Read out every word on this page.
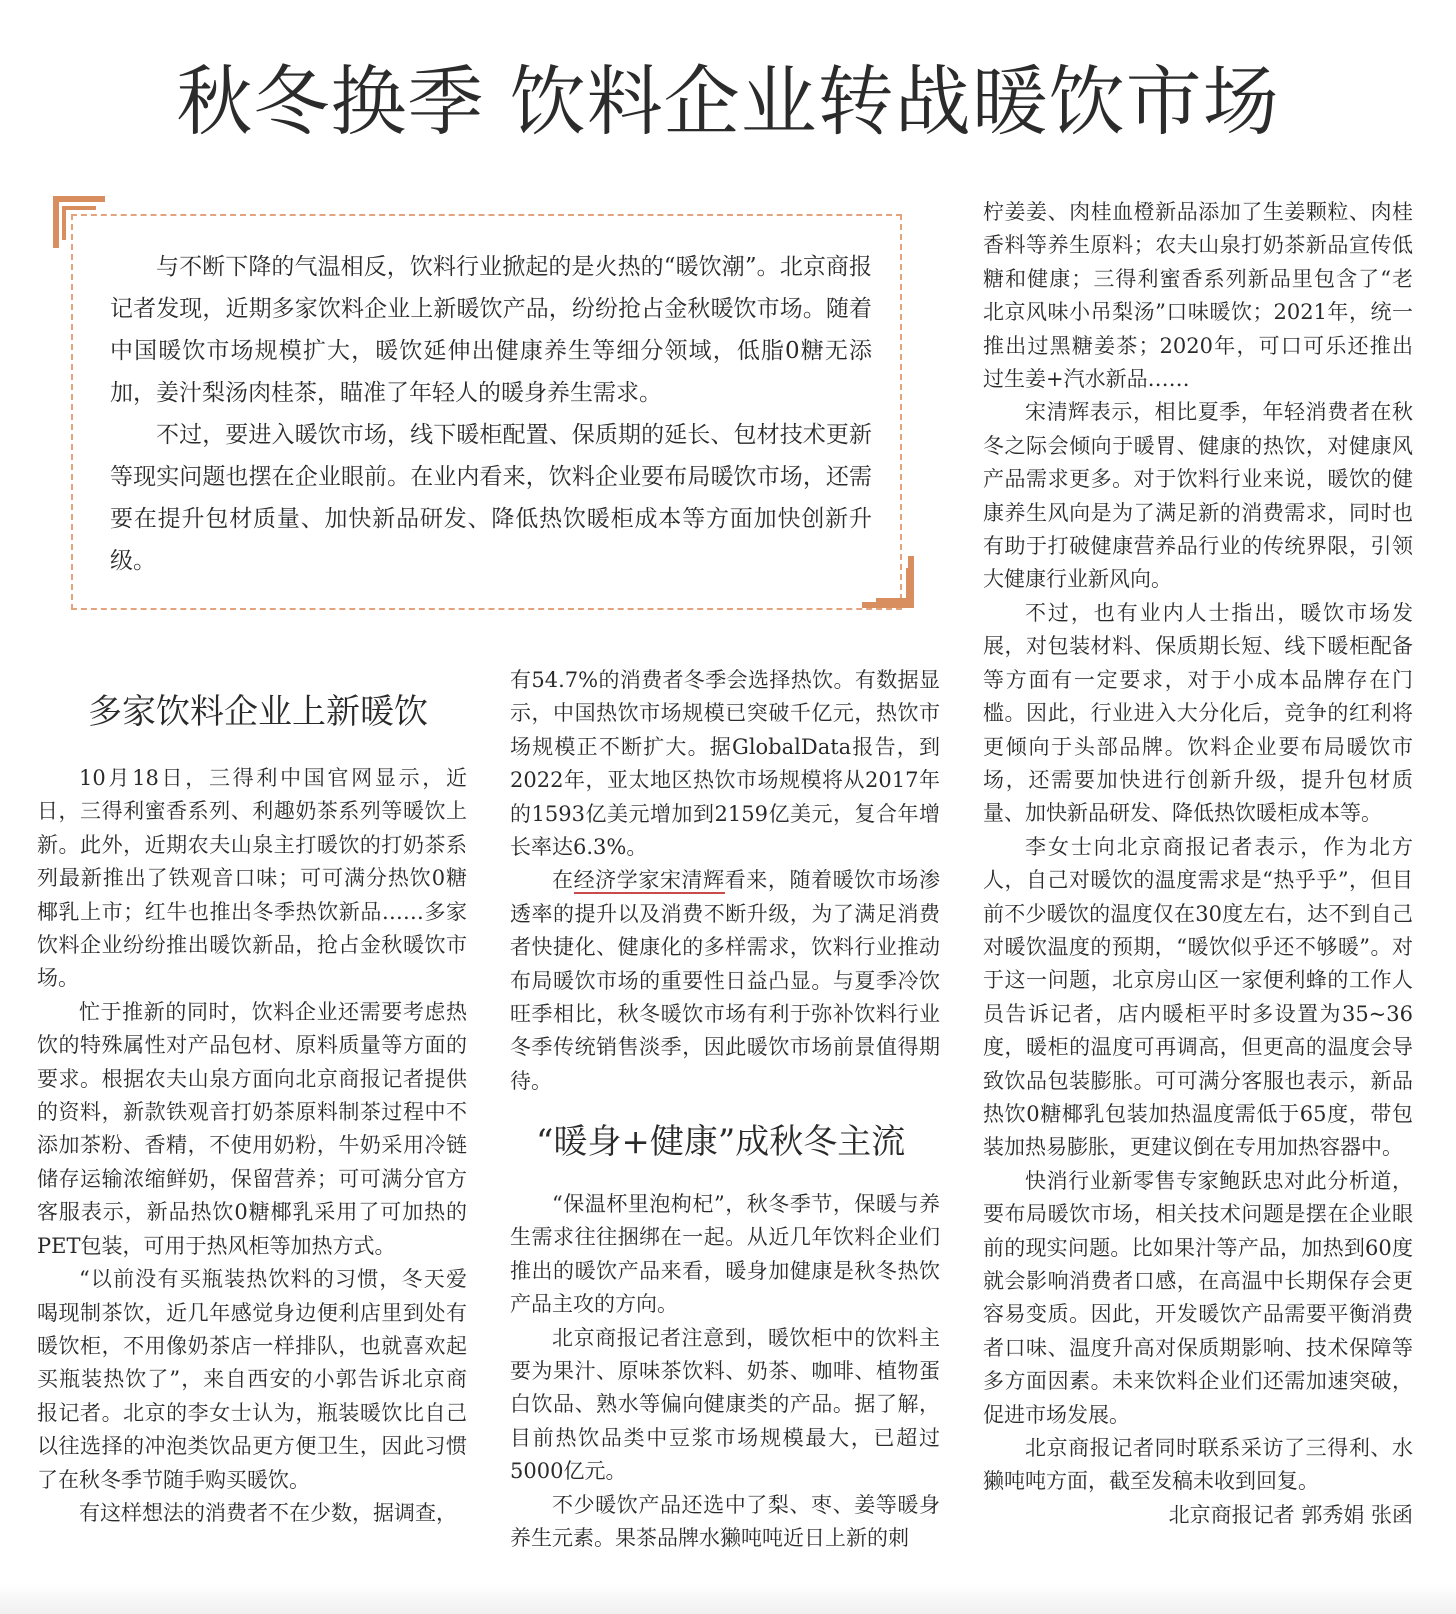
秋冬换季 饮料企业转战暖饮市场

与不断下降的气温相反，饮料行业掀起的是火热的“暖饮潮”。北京商报记者发现，近期多家饮料企业上新暖饮产品，纷纷抢占金秋暖饮市场。随着中国暖饮市场规模扩大，暖饮延伸出健康养生等细分领域，低脂0糖无添加，姜汁梨汤肉桂茶，瞄准了年轻人的暖身养生需求。

不过，要进入暖饮市场，线下暖柜配置、保质期的延长、包材技术更新等现实问题也摆在企业眼前。在业内看来，饮料企业要布局暖饮市场，还需要在提升包材质量、加快新品研发、降低热饮暖柜成本等方面加快创新升级。

多家饮料企业上新暖饮

10月18日，三得利中国官网显示，近日，三得利蜜香系列、利趣奶茶系列等暖饮上新。此外，近期农夫山泉主打暖饮的打奶茶系列最新推出了铁观音口味；可可满分热饮0糖椰乳上市；红牛也推出冬季热饮新品……多家饮料企业纷纷推出暖饮新品，抢占金秋暖饮市场。

忙于推新的同时，饮料企业还需要考虑热饮的特殊属性对产品包材、原料质量等方面的要求。根据农夫山泉方面向北京商报记者提供的资料，新款铁观音打奶茶原料制茶过程中不添加茶粉、香精，不使用奶粉，牛奶采用冷链储存运输浓缩鲜奶，保留营养；可可满分官方客服表示，新品热饮0糖椰乳采用了可加热的PET包装，可用于热风柜等加热方式。

“以前没有买瓶装热饮料的习惯，冬天爱喝现制茶饮，近几年感觉身边便利店里到处有暖饮柜，不用像奶茶店一样排队，也就喜欢起买瓶装热饮了”，来自西安的小郭告诉北京商报记者。北京的李女士认为，瓶装暖饮比自己以往选择的冲泡类饮品更方便卫生，因此习惯了在秋冬季节随手购买暖饮。

有这样想法的消费者不在少数，据调查，

有54.7%的消费者冬季会选择热饮。有数据显示，中国热饮市场规模已突破千亿元，热饮市场规模正不断扩大。据GlobalData报告，到2022年，亚太地区热饮市场规模将从2017年的1593亿美元增加到2159亿美元，复合年增长率达6.3%。

在经济学家宋清辉看来，随着暖饮市场渗透率的提升以及消费不断升级，为了满足消费者快捷化、健康化的多样需求，饮料行业推动布局暖饮市场的重要性日益凸显。与夏季冷饮旺季相比，秋冬暖饮市场有利于弥补饮料行业冬季传统销售淡季，因此暖饮市场前景值得期待。

“暖身+健康”成秋冬主流

“保温杯里泡枸杞”，秋冬季节，保暖与养生需求往往捆绑在一起。从近几年饮料企业们推出的暖饮产品来看，暖身加健康是秋冬热饮产品主攻的方向。

北京商报记者注意到，暖饮柜中的饮料主要为果汁、原味茶饮料、奶茶、咖啡、植物蛋白饮品、熟水等偏向健康类的产品。据了解，目前热饮品类中豆浆市场规模最大，已超过5000亿元。

不少暖饮产品还选中了梨、枣、姜等暖身养生元素。果茶品牌水獭吨吨近日上新的刺

柠姜姜、肉桂血橙新品添加了生姜颗粒、肉桂香料等养生原料；农夫山泉打奶茶新品宣传低糖和健康；三得利蜜香系列新品里包含了“老北京风味小吊梨汤”口味暖饮；2021年，统一推出过黑糖姜茶；2020年，可口可乐还推出过生姜+汽水新品……

宋清辉表示，相比夏季，年轻消费者在秋冬之际会倾向于暖胃、健康的热饮，对健康风产品需求更多。对于饮料行业来说，暖饮的健康养生风向是为了满足新的消费需求，同时也有助于打破健康营养品行业的传统界限，引领大健康行业新风向。

不过，也有业内人士指出，暖饮市场发展，对包装材料、保质期长短、线下暖柜配备等方面有一定要求，对于小成本品牌存在门槛。因此，行业进入大分化后，竞争的红利将更倾向于头部品牌。饮料企业要布局暖饮市场，还需要加快进行创新升级，提升包材质量、加快新品研发、降低热饮暖柜成本等。

李女士向北京商报记者表示，作为北方人，自己对暖饮的温度需求是“热乎乎”，但目前不少暖饮的温度仅在30度左右，达不到自己对暖饮温度的预期，“暖饮似乎还不够暖”。对于这一问题，北京房山区一家便利蜂的工作人员告诉记者，店内暖柜平时多设置为35~36度，暖柜的温度可再调高，但更高的温度会导致饮品包装膨胀。可可满分客服也表示，新品热饮0糖椰乳包装加热温度需低于65度，带包装加热易膨胀，更建议倒在专用加热容器中。

快消行业新零售专家鲍跃忠对此分析道，要布局暖饮市场，相关技术问题是摆在企业眼前的现实问题。比如果汁等产品，加热到60度就会影响消费者口感，在高温中长期保存会更容易变质。因此，开发暖饮产品需要平衡消费者口味、温度升高对保质期影响、技术保障等多方面因素。未来饮料企业们还需加速突破，促进市场发展。

北京商报记者同时联系采访了三得利、水獭吨吨方面，截至发稿未收到回复。

北京商报记者 郭秀娟 张函
